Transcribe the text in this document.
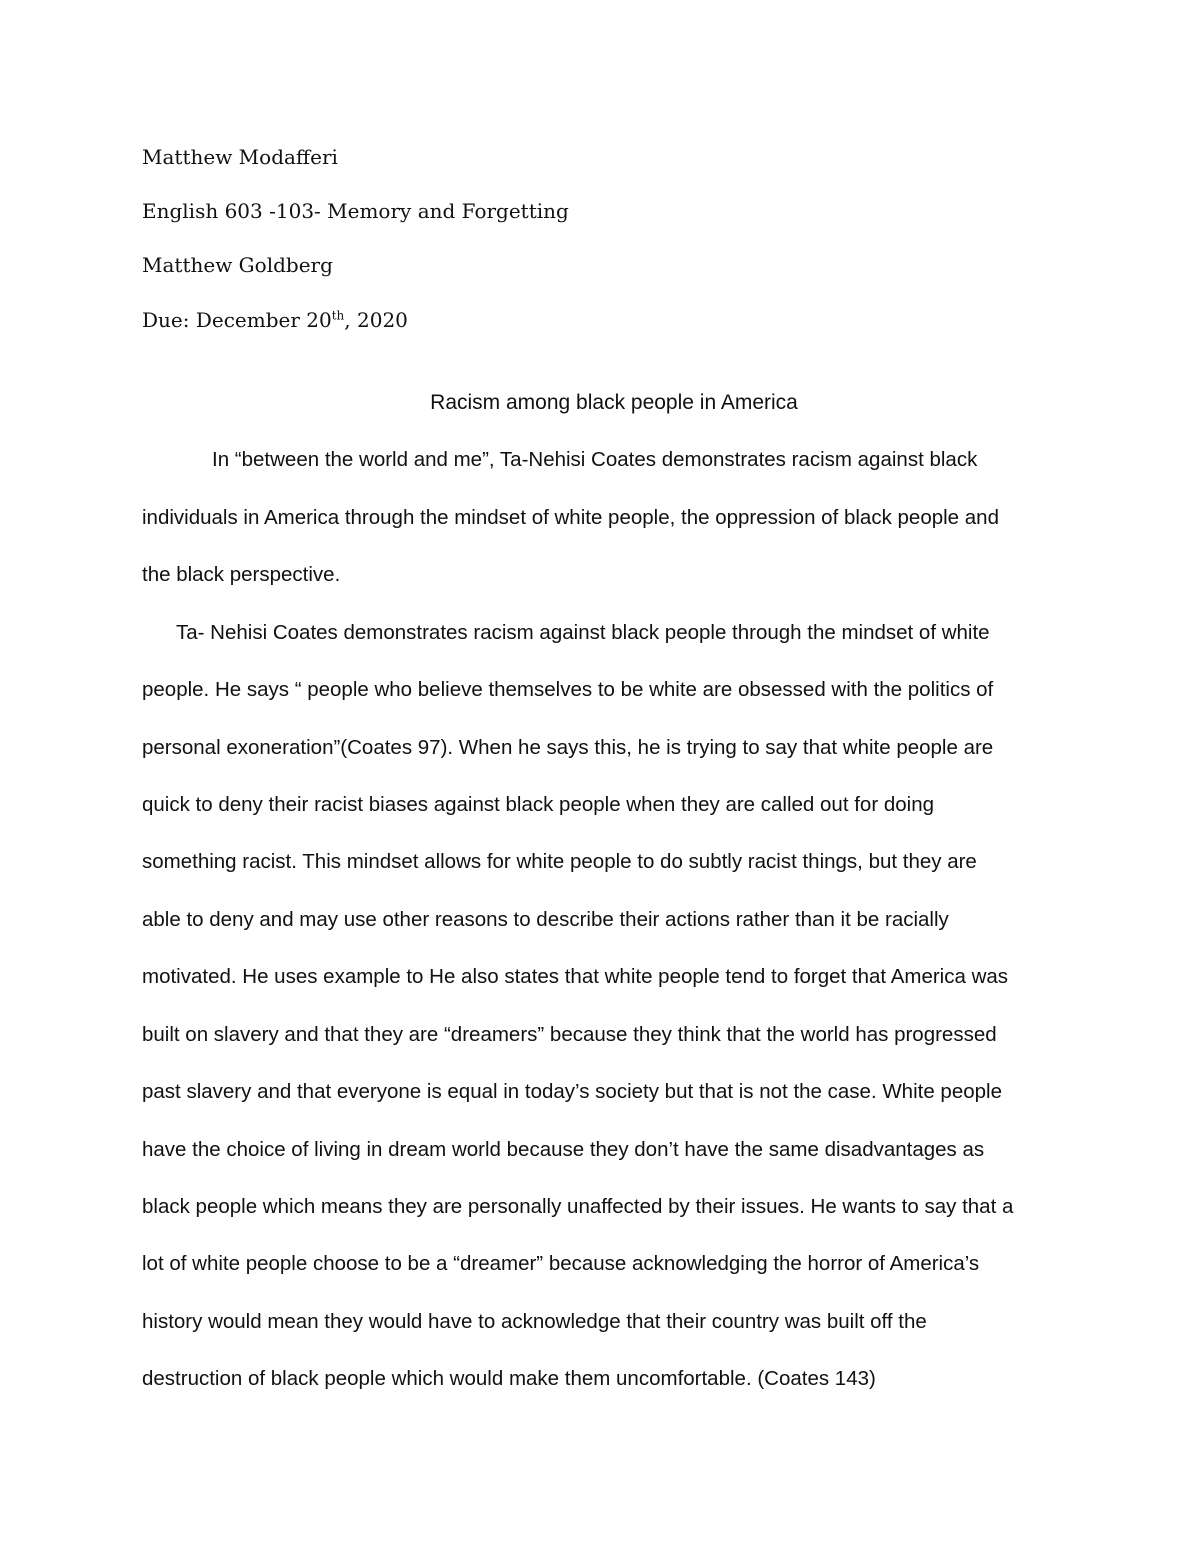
Matthew Modafferi
English 603 -103- Memory and Forgetting
Matthew Goldberg
Due: December 20th, 2020
Racism among black people in America
In “between the world and me”, Ta-Nehisi Coates demonstrates racism against black
individuals in America through the mindset of white people, the oppression of black people and
the black perspective.
Ta- Nehisi Coates demonstrates racism against black people through the mindset of white
people. He says “ people who believe themselves to be white are obsessed with the politics of
personal exoneration”(Coates 97). When he says this, he is trying to say that white people are
quick to deny their racist biases against black people when they are called out for doing
something racist. This mindset allows for white people to do subtly racist things, but they are
able to deny and may use other reasons to describe their actions rather than it be racially
motivated. He uses example to He also states that white people tend to forget that America was
built on slavery and that they are “dreamers” because they think that the world has progressed
past slavery and that everyone is equal in today’s society but that is not the case. White people
have the choice of living in dream world because they don’t have the same disadvantages as
black people which means they are personally unaffected by their issues. He wants to say that a
lot of white people choose to be a “dreamer” because acknowledging the horror of America’s
history would mean they would have to acknowledge that their country was built off the
destruction of black people which would make them uncomfortable. (Coates 143)
